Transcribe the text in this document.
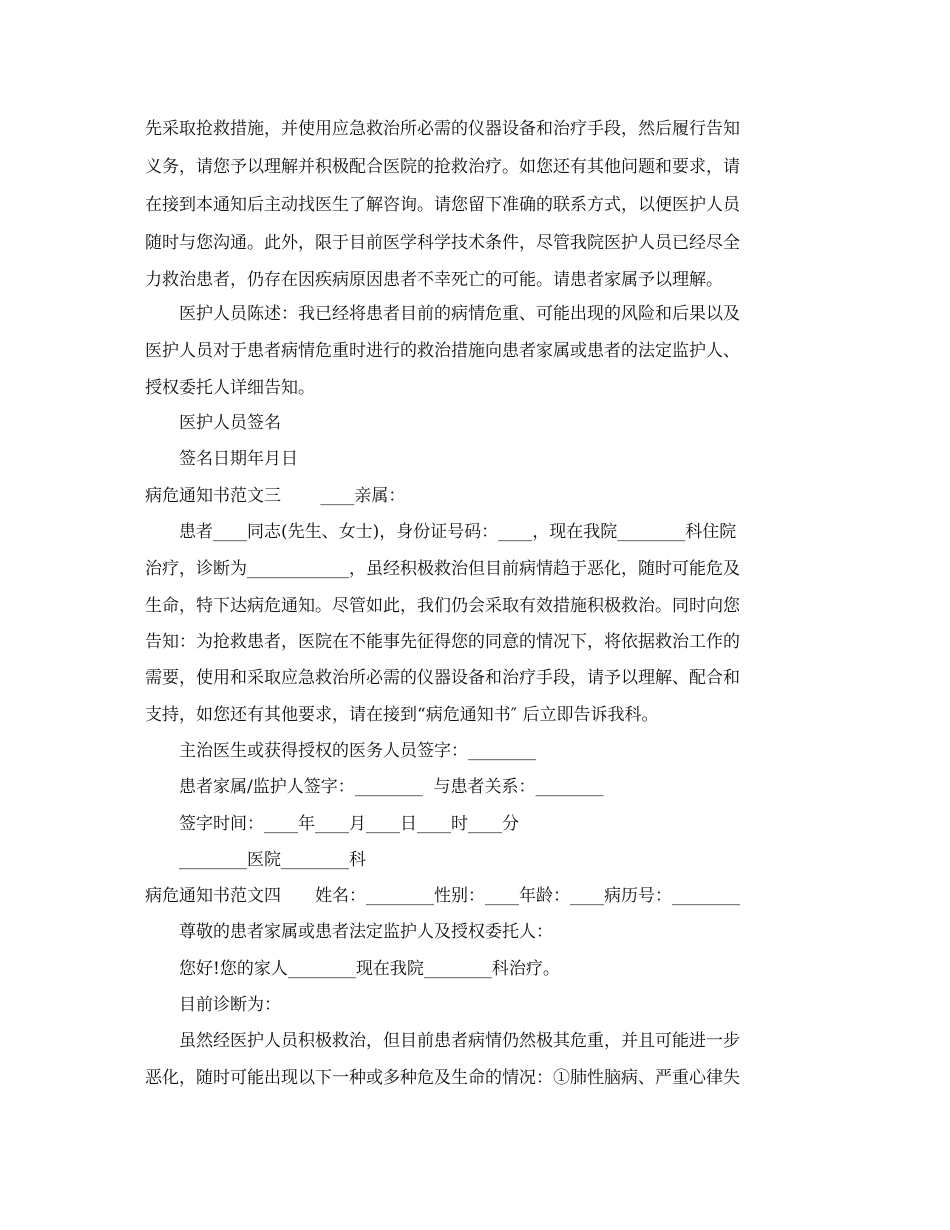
先采取抢救措施，并使用应急救治所必需的仪器设备和治疗手段，然后履行告知
义务，请您予以理解并积极配合医院的抢救治疗。如您还有其他问题和要求，请
在接到本通知后主动找医生了解咨询。请您留下准确的联系方式，以便医护人员
随时与您沟通。此外，限于目前医学科学技术条件，尽管我院医护人员已经尽全
力救治患者，仍存在因疾病原因患者不幸死亡的可能。请患者家属予以理解。
医护人员陈述：我已经将患者目前的病情危重、可能出现的风险和后果以及
医护人员对于患者病情危重时进行的救治措施向患者家属或患者的法定监护人、
授权委托人详细告知。
医护人员签名
签名日期年月日
病危通知书范文三　　 ____亲属：
患者____同志(先生、女士)，身份证号码：____，现在我院________科住院
治疗，诊断为____________，虽经积极救治但目前病情趋于恶化，随时可能危及
生命，特下达病危通知。尽管如此，我们仍会采取有效措施积极救治。同时向您
告知：为抢救患者，医院在不能事先征得您的同意的情况下，将依据救治工作的
需要，使用和采取应急救治所必需的仪器设备和治疗手段，请予以理解、配合和
支持，如您还有其他要求，请在接到“病危通知书″ 后立即告诉我科。
主治医生或获得授权的医务人员签字：________
患者家属/监护人签字：________  与患者关系：________
签字时间：____年____月____日____时____分
________医院________科
病危通知书范文四　　姓名：________性别：____年龄：____病历号：________
尊敬的患者家属或患者法定监护人及授权委托人：
您好!您的家人________现在我院________科治疗。
目前诊断为：
虽然经医护人员积极救治，但目前患者病情仍然极其危重，并且可能进一步
恶化，随时可能出现以下一种或多种危及生命的情况：①肺性脑病、严重心律失
